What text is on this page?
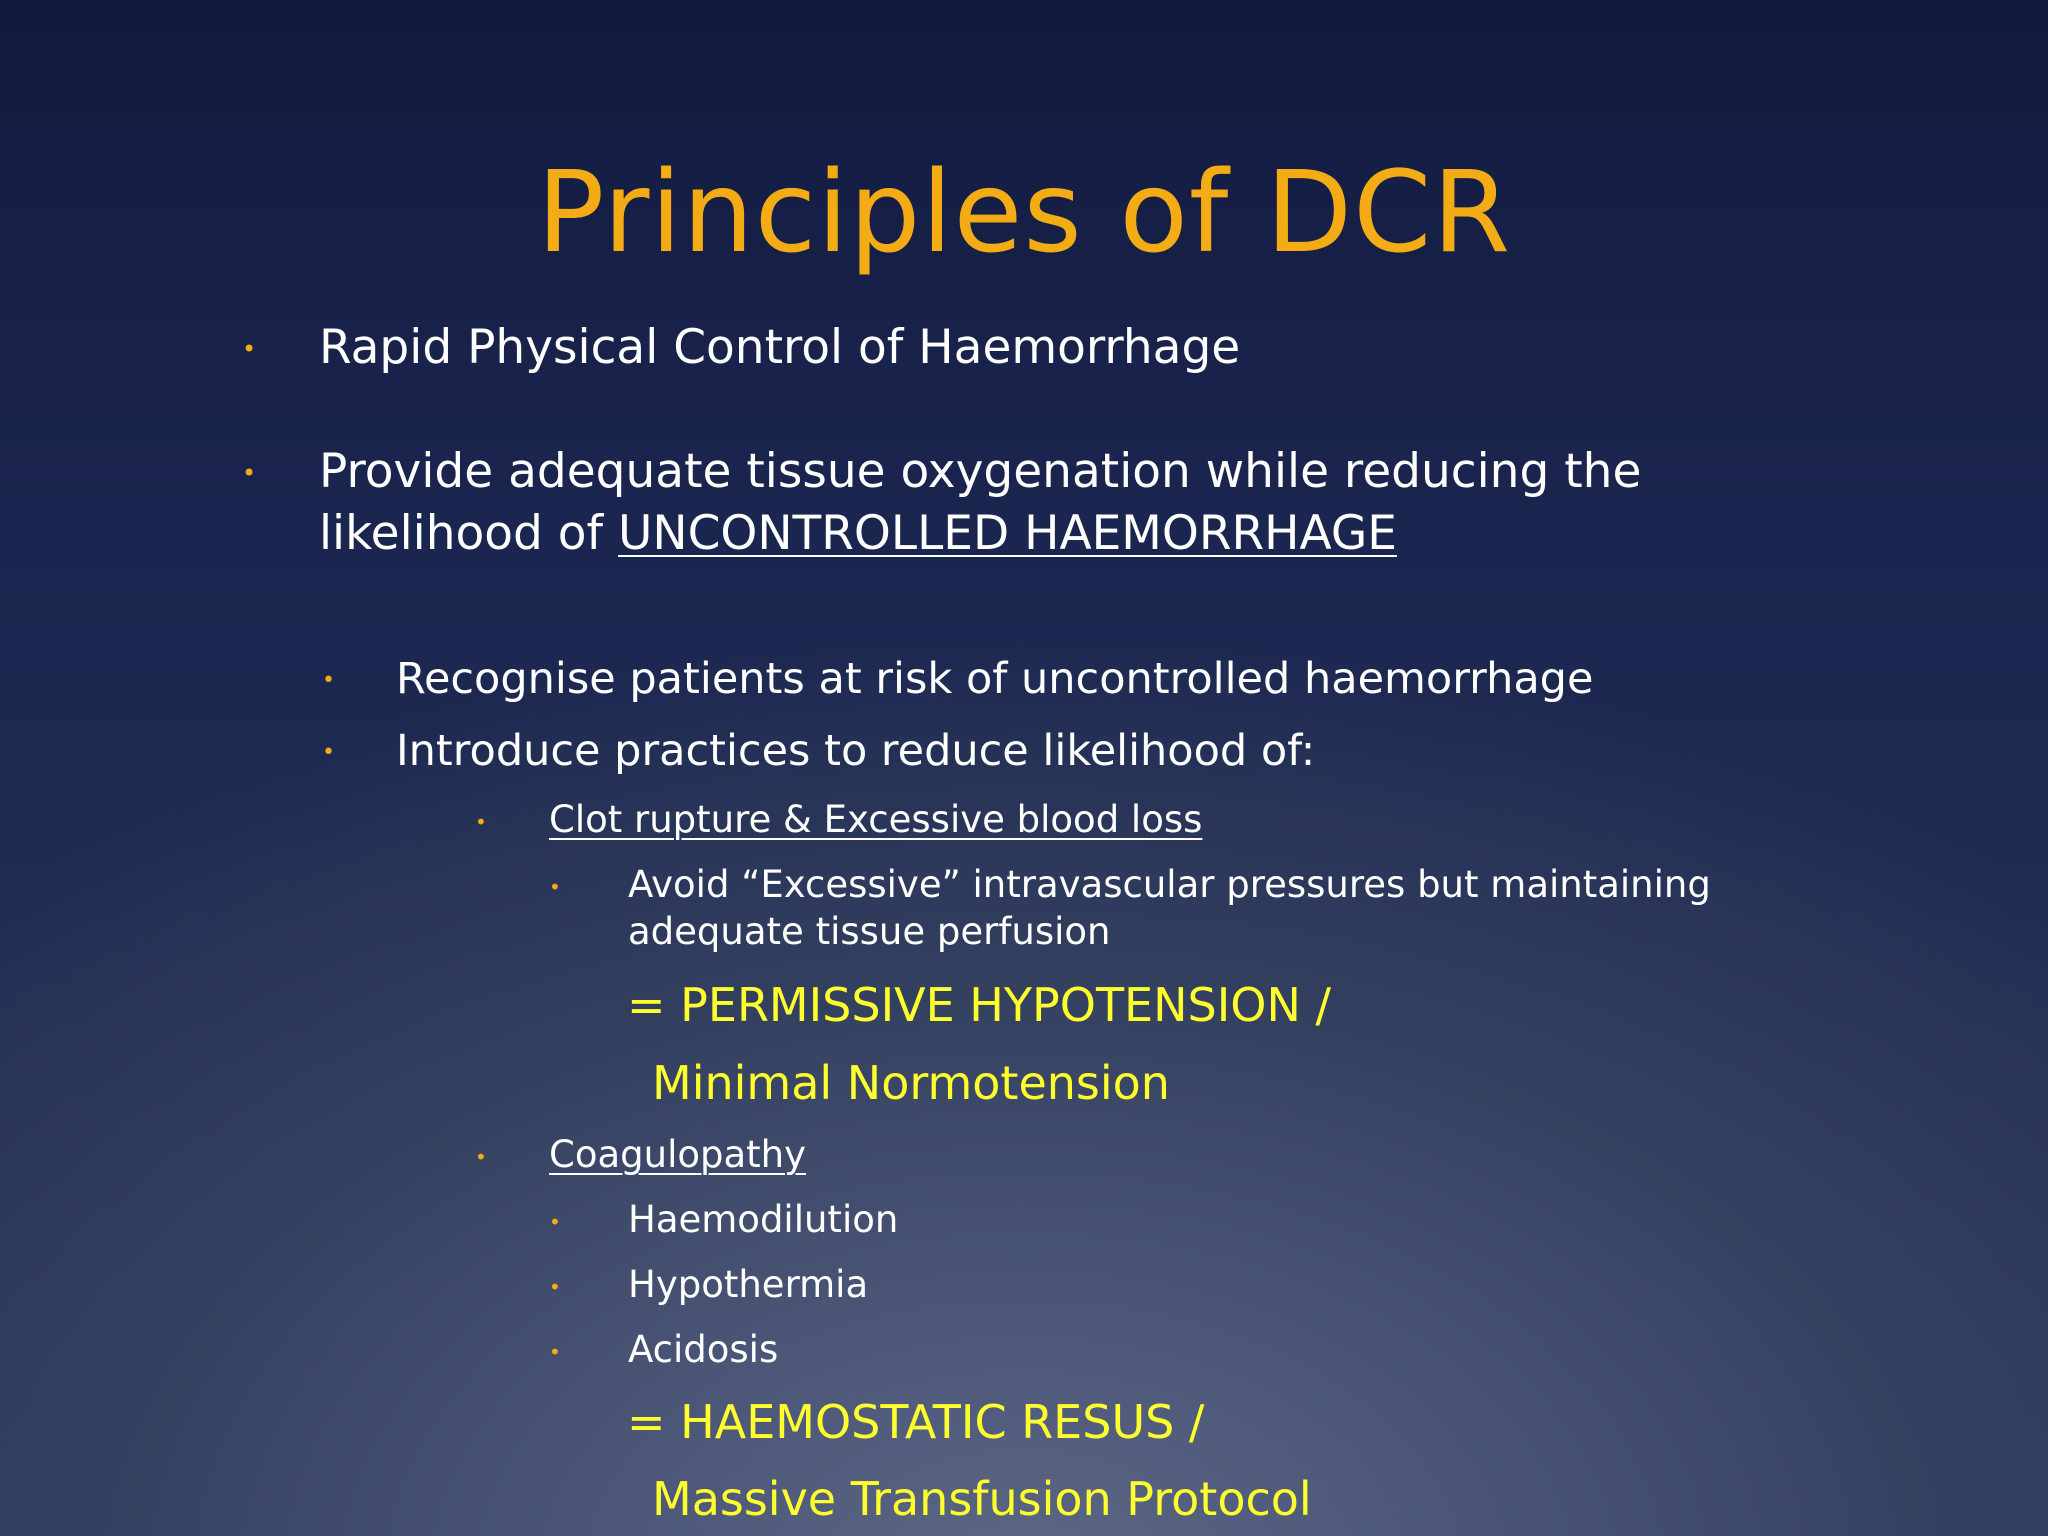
Principles of DCR
• Rapid Physical Control of Haemorrhage
• Provide adequate tissue oxygenation while reducing the
likelihood of UNCONTROLLED HAEMORRHAGE
• Recognise patients at risk of uncontrolled haemorrhage
• Introduce practices to reduce likelihood of:
• Clot rupture & Excessive blood loss
• Avoid “Excessive” intravascular pressures but maintaining
adequate tissue perfusion
= PERMISSIVE HYPOTENSION /
Minimal Normotension
• Coagulopathy
• Haemodilution
• Hypothermia
• Acidosis
= HAEMOSTATIC RESUS /
Massive Transfusion Protocol
